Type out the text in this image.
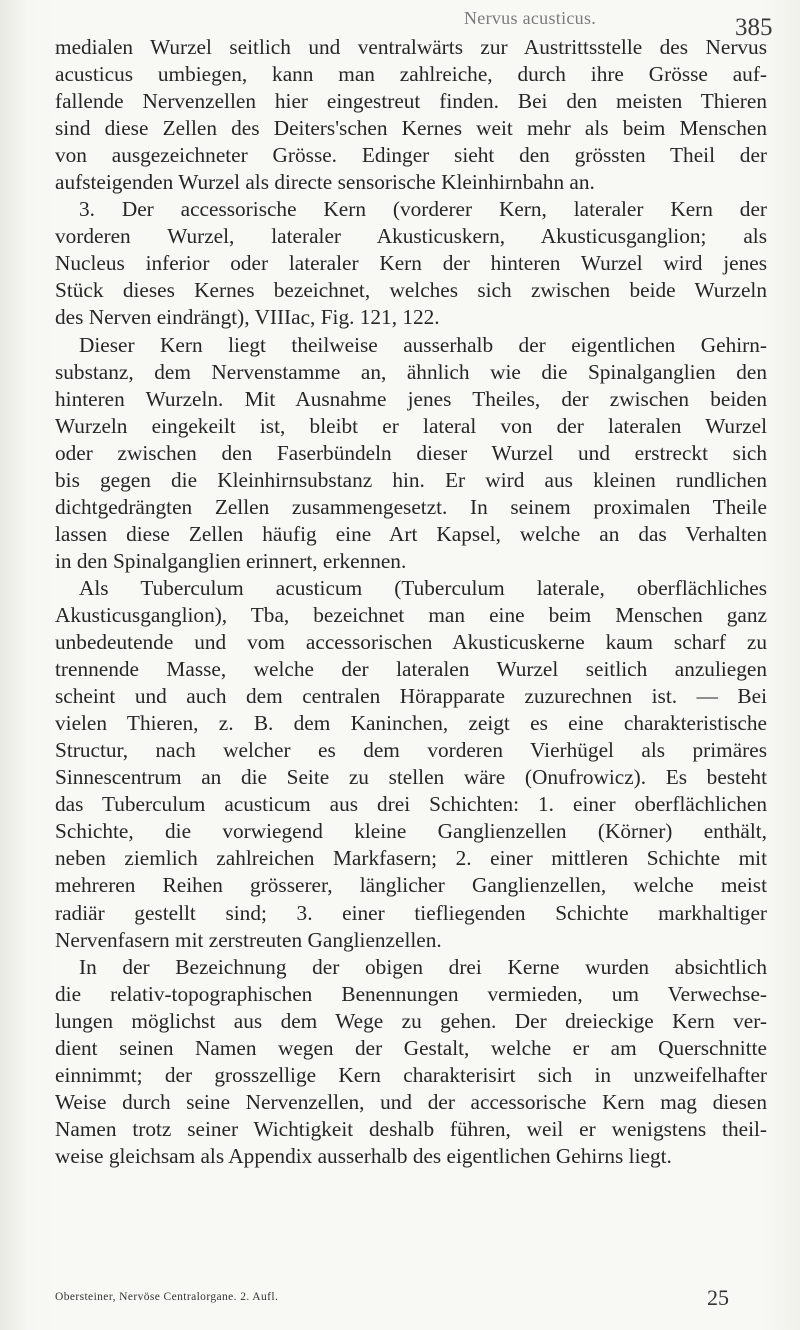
Nervus acusticus.	385
medialen Wurzel seitlich und ventralwärts zur Austrittsstelle des Nervus
acusticus umbiegen, kann man zahlreiche, durch ihre Grösse auf-
fallende Nervenzellen hier eingestreut finden. Bei den meisten Thieren
sind diese Zellen des Deiters'schen Kernes weit mehr als beim Menschen
von ausgezeichneter Grösse. Edinger sieht den grössten Theil der
aufsteigenden Wurzel als directe sensorische Kleinhirnbahn an.
3. Der accessorische Kern (vorderer Kern, lateraler Kern der
vorderen Wurzel, lateraler Akusticuskern, Akusticusganglion; als
Nucleus inferior oder lateraler Kern der hinteren Wurzel wird jenes
Stück dieses Kernes bezeichnet, welches sich zwischen beide Wurzeln
des Nerven eindrängt), VIIIac, Fig. 121, 122.
Dieser Kern liegt theilweise ausserhalb der eigentlichen Gehirn-
substanz, dem Nervenstamme an, ähnlich wie die Spinalganglien den
hinteren Wurzeln. Mit Ausnahme jenes Theiles, der zwischen beiden
Wurzeln eingekeilt ist, bleibt er lateral von der lateralen Wurzel
oder zwischen den Faserbündeln dieser Wurzel und erstreckt sich
bis gegen die Kleinhirnsubstanz hin. Er wird aus kleinen rundlichen
dichtgedrängten Zellen zusammengesetzt. In seinem proximalen Theile
lassen diese Zellen häufig eine Art Kapsel, welche an das Verhalten
in den Spinalganglien erinnert, erkennen.
Als Tuberculum acusticum (Tuberculum laterale, oberflächliches
Akusticusganglion), Tba, bezeichnet man eine beim Menschen ganz
unbedeutende und vom accessorischen Akusticuskerne kaum scharf zu
trennende Masse, welche der lateralen Wurzel seitlich anzuliegen
scheint und auch dem centralen Hörapparate zuzurechnen ist. — Bei
vielen Thieren, z. B. dem Kaninchen, zeigt es eine charakteristische
Structur, nach welcher es dem vorderen Vierhügel als primäres
Sinnescentrum an die Seite zu stellen wäre (Onufrowicz). Es besteht
das Tuberculum acusticum aus drei Schichten: 1. einer oberflächlichen
Schichte, die vorwiegend kleine Ganglienzellen (Körner) enthält,
neben ziemlich zahlreichen Markfasern; 2. einer mittleren Schichte mit
mehreren Reihen grösserer, länglicher Ganglienzellen, welche meist
radiär gestellt sind; 3. einer tiefliegenden Schichte markhaltiger
Nervenfasern mit zerstreuten Ganglienzellen.
In der Bezeichnung der obigen drei Kerne wurden absichtlich
die relativ-topographischen Benennungen vermieden, um Verwechse-
lungen möglichst aus dem Wege zu gehen. Der dreieckige Kern ver-
dient seinen Namen wegen der Gestalt, welche er am Querschnitte
einnimmt; der grosszellige Kern charakterisirt sich in unzweifelhafter
Weise durch seine Nervenzellen, und der accessorische Kern mag diesen
Namen trotz seiner Wichtigkeit deshalb führen, weil er wenigstens theil-
weise gleichsam als Appendix ausserhalb des eigentlichen Gehirns liegt.
Obersteiner, Nervöse Centralorgane. 2. Aufl.	25
